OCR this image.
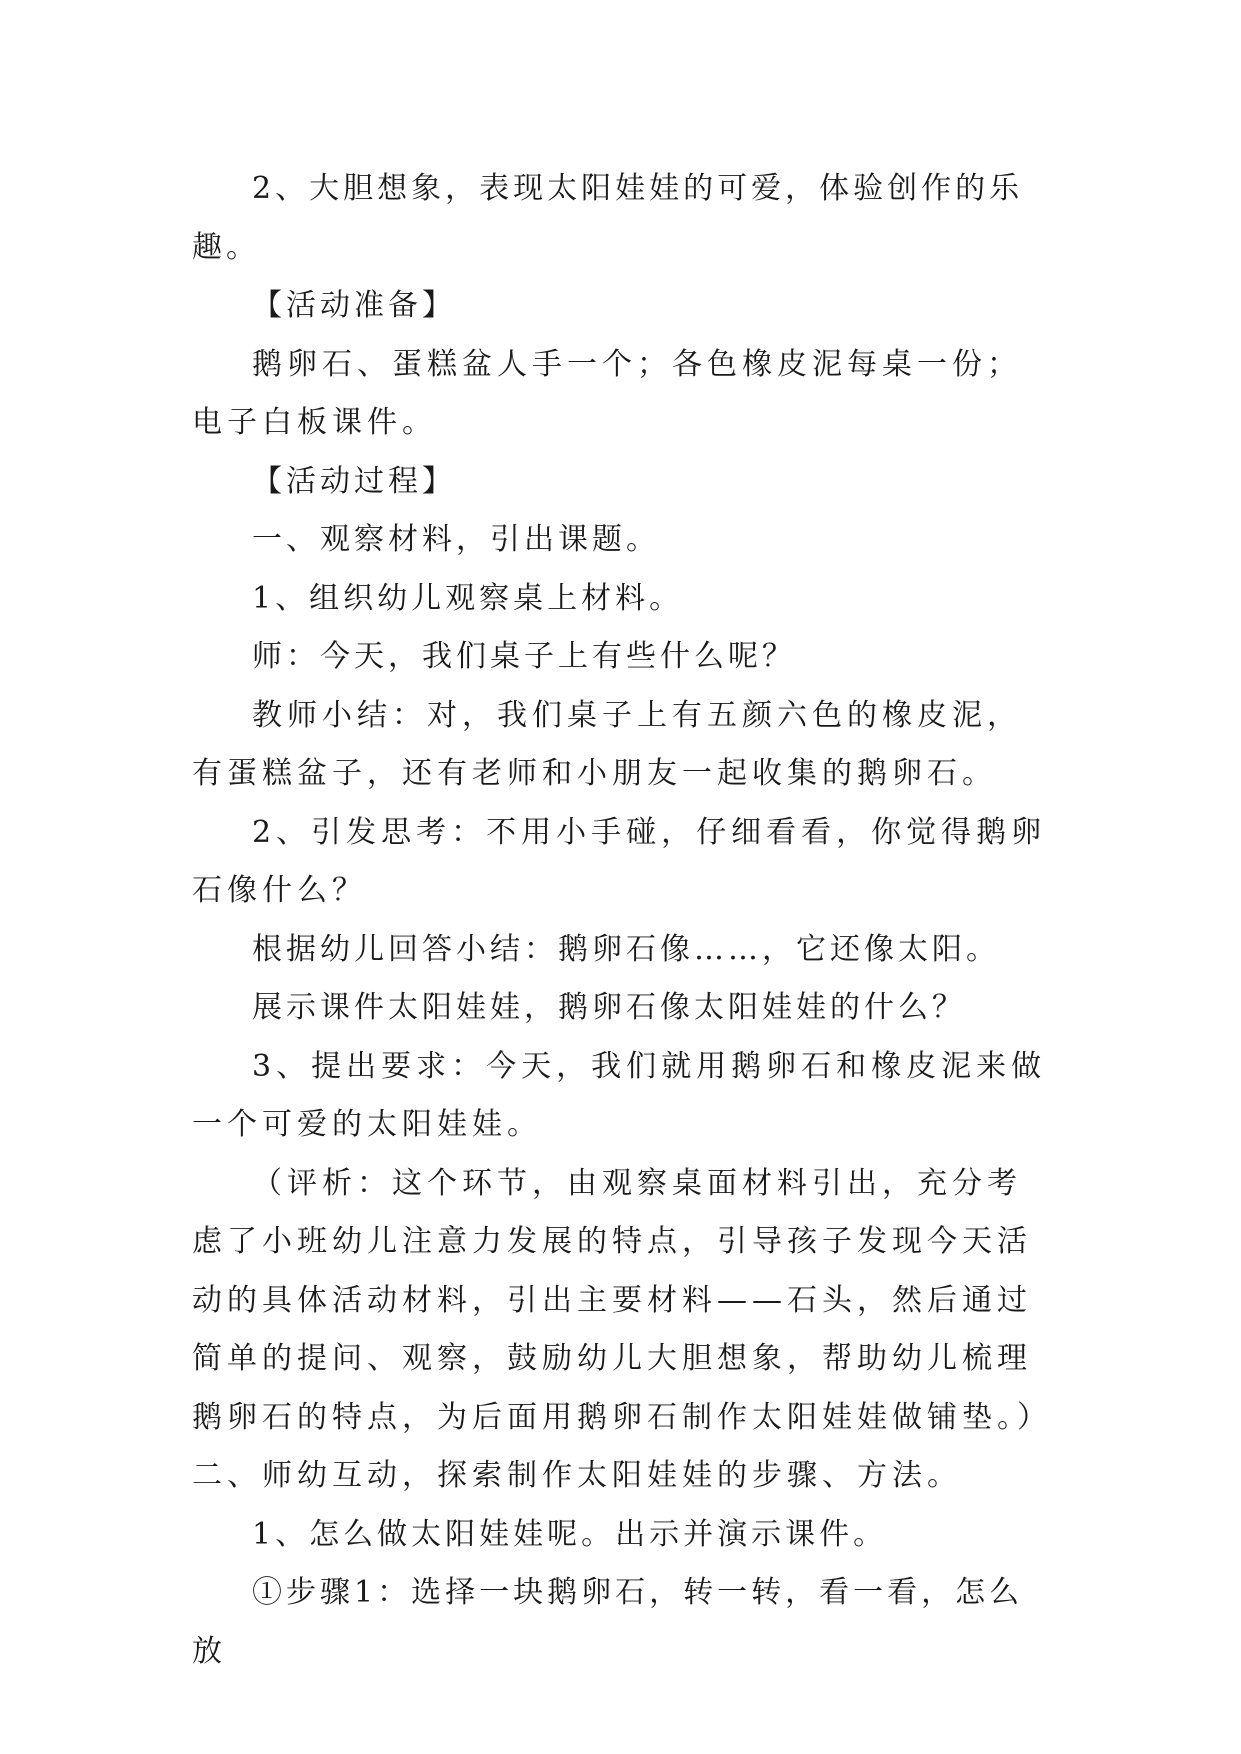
2、大胆想象，表现太阳娃娃的可爱，体验创作的乐趣。

【活动准备】

鹅卵石、蛋糕盆人手一个；各色橡皮泥每桌一份；电子白板课件。

【活动过程】

一、观察材料，引出课题。

1、组织幼儿观察桌上材料。

师：今天，我们桌子上有些什么呢？

教师小结：对，我们桌子上有五颜六色的橡皮泥，有蛋糕盆子，还有老师和小朋友一起收集的鹅卵石。

2、引发思考：不用小手碰，仔细看看，你觉得鹅卵石像什么？

根据幼儿回答小结：鹅卵石像……，它还像太阳。

展示课件太阳娃娃，鹅卵石像太阳娃娃的什么？

3、提出要求：今天，我们就用鹅卵石和橡皮泥来做一个可爱的太阳娃娃。

（评析：这个环节，由观察桌面材料引出，充分考虑了小班幼儿注意力发展的特点，引导孩子发现今天活动的具体活动材料，引出主要材料——石头，然后通过简单的提问、观察，鼓励幼儿大胆想象，帮助幼儿梳理鹅卵石的特点，为后面用鹅卵石制作太阳娃娃做铺垫。）二、师幼互动，探索制作太阳娃娃的步骤、方法。

1、怎么做太阳娃娃呢。出示并演示课件。

①步骤1：选择一块鹅卵石，转一转，看一看，怎么放
